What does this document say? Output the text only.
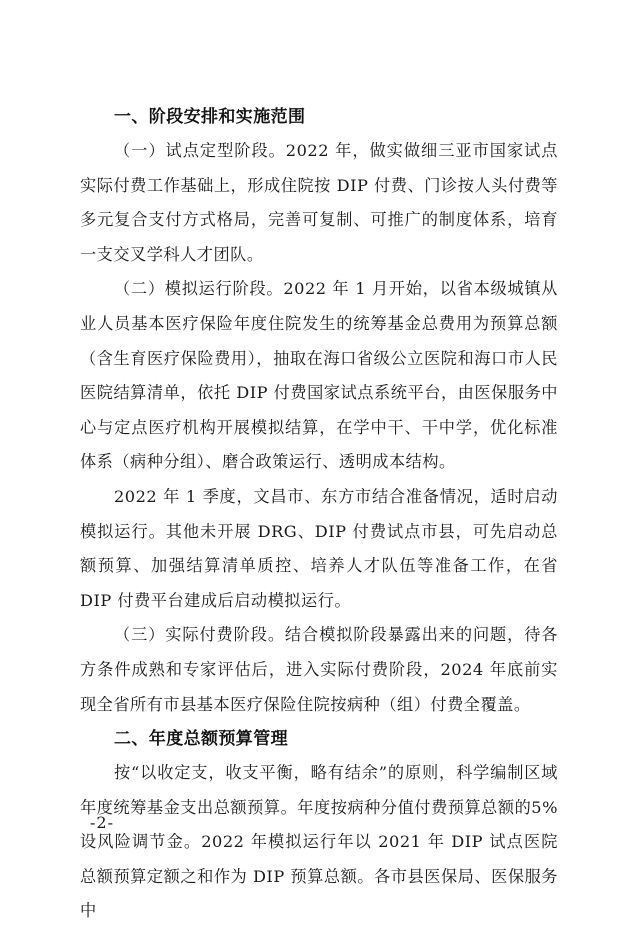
一、阶段安排和实施范围

（一）试点定型阶段。2022 年，做实做细三亚市国家试点实际付费工作基础上，形成住院按 DIP 付费、门诊按人头付费等多元复合支付方式格局，完善可复制、可推广的制度体系，培育一支交叉学科人才团队。

（二）模拟运行阶段。2022 年 1 月开始，以省本级城镇从业人员基本医疗保险年度住院发生的统筹基金总费用为预算总额（含生育医疗保险费用），抽取在海口省级公立医院和海口市人民医院结算清单，依托 DIP 付费国家试点系统平台，由医保服务中心与定点医疗机构开展模拟结算，在学中干、干中学，优化标准体系（病种分组）、磨合政策运行、透明成本结构。

2022 年 1 季度，文昌市、东方市结合准备情况，适时启动模拟运行。其他未开展 DRG、DIP 付费试点市县，可先启动总额预算、加强结算清单质控、培养人才队伍等准备工作，在省 DIP 付费平台建成后启动模拟运行。

（三）实际付费阶段。结合模拟阶段暴露出来的问题，待各方条件成熟和专家评估后，进入实际付费阶段，2024 年底前实现全省所有市县基本医疗保险住院按病种（组）付费全覆盖。

二、年度总额预算管理

按“以收定支，收支平衡，略有结余”的原则，科学编制区域年度统筹基金支出总额预算。年度按病种分值付费预算总额的5%设风险调节金。2022 年模拟运行年以 2021 年 DIP 试点医院总额预算定额之和作为 DIP 预算总额。各市县医保局、医保服务中

-2-
